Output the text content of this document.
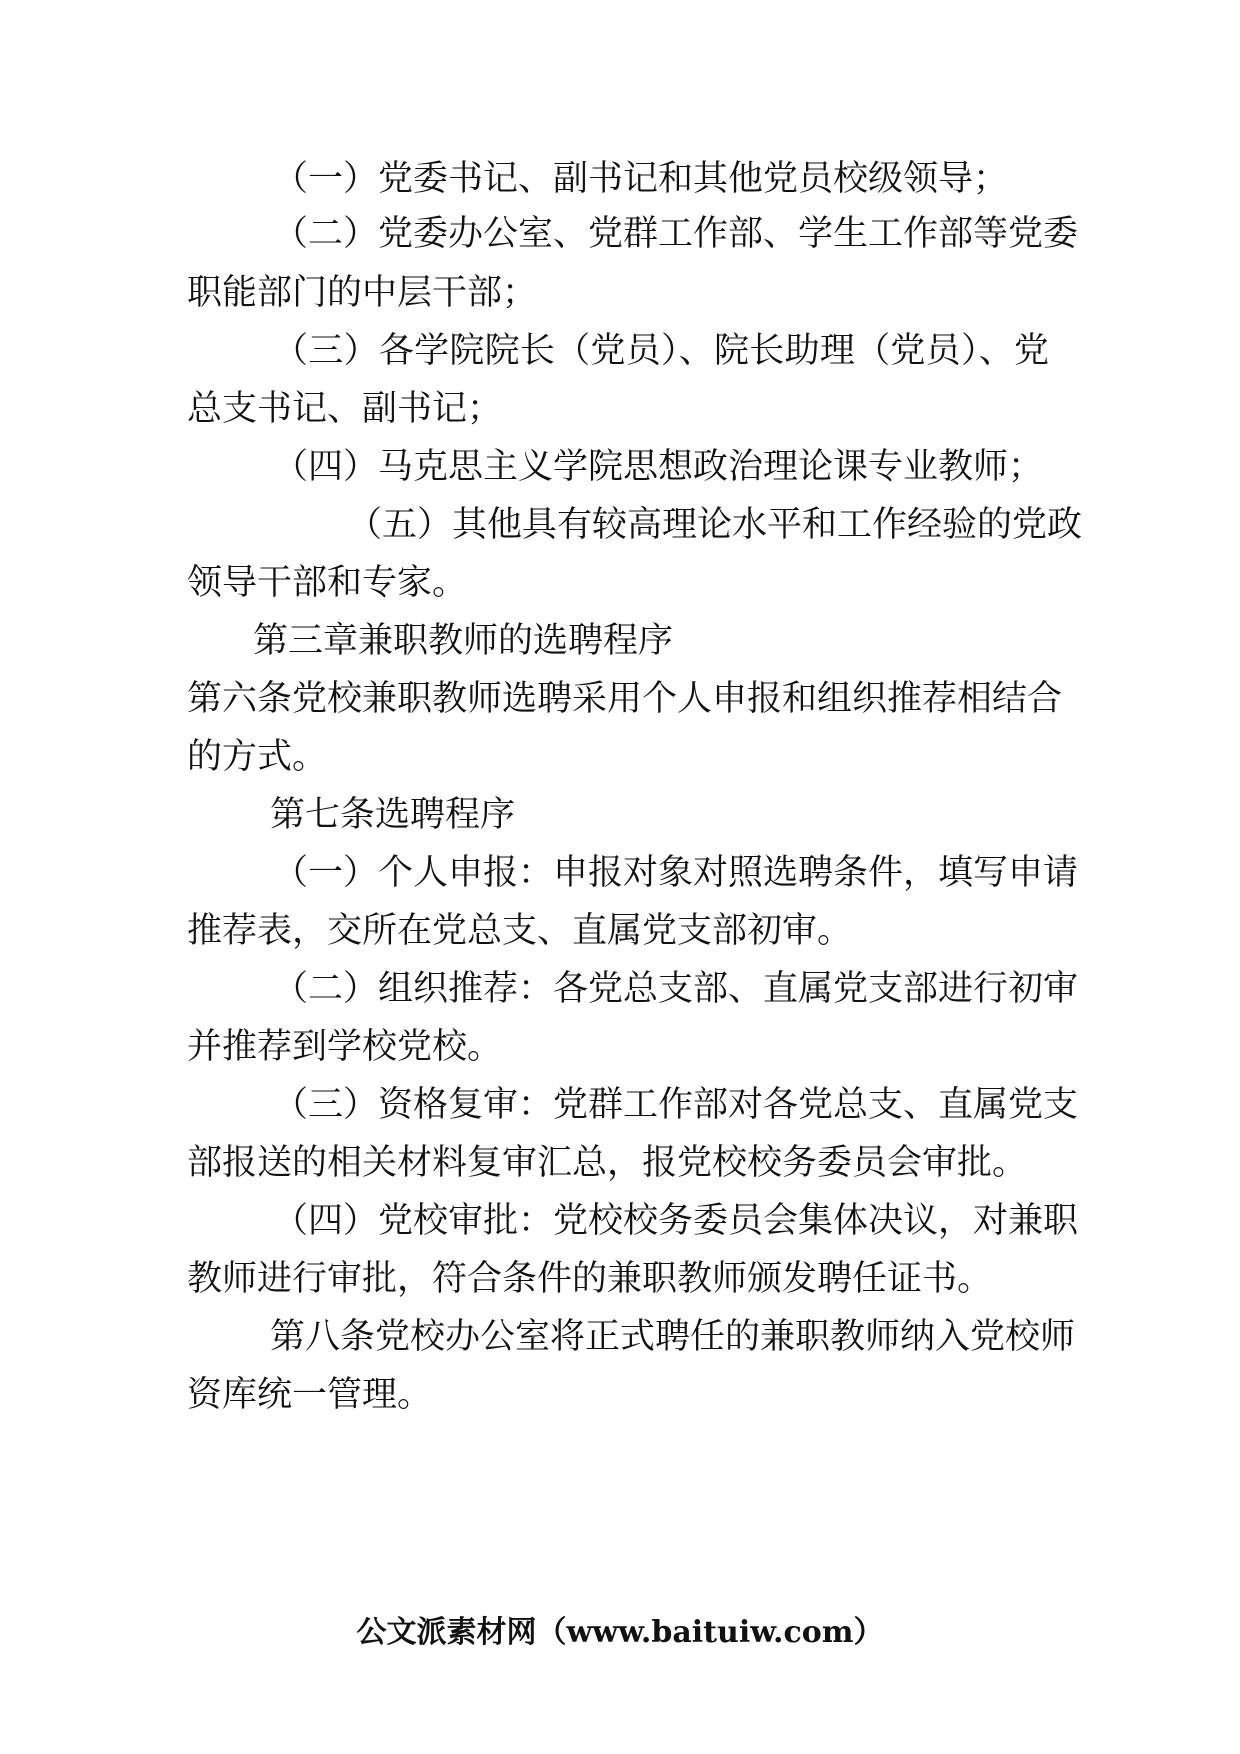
（一）党委书记、副书记和其他党员校级领导；
（二）党委办公室、党群工作部、学生工作部等党委
职能部门的中层干部；
（三）各学院院长（党员）、院长助理（党员）、党
总支书记、副书记；
（四）马克思主义学院思想政治理论课专业教师；
（五）其他具有较高理论水平和工作经验的党政
领导干部和专家。
第三章兼职教师的选聘程序
第六条党校兼职教师选聘采用个人申报和组织推荐相结合
的方式。
第七条选聘程序
（一）个人申报：申报对象对照选聘条件，填写申请
推荐表，交所在党总支、直属党支部初审。
（二）组织推荐：各党总支部、直属党支部进行初审
并推荐到学校党校。
（三）资格复审：党群工作部对各党总支、直属党支
部报送的相关材料复审汇总，报党校校务委员会审批。
（四）党校审批：党校校务委员会集体决议，对兼职
教师进行审批，符合条件的兼职教师颁发聘任证书。
第八条党校办公室将正式聘任的兼职教师纳入党校师
资库统一管理。
公文派素材网（www.baituiw.com）
